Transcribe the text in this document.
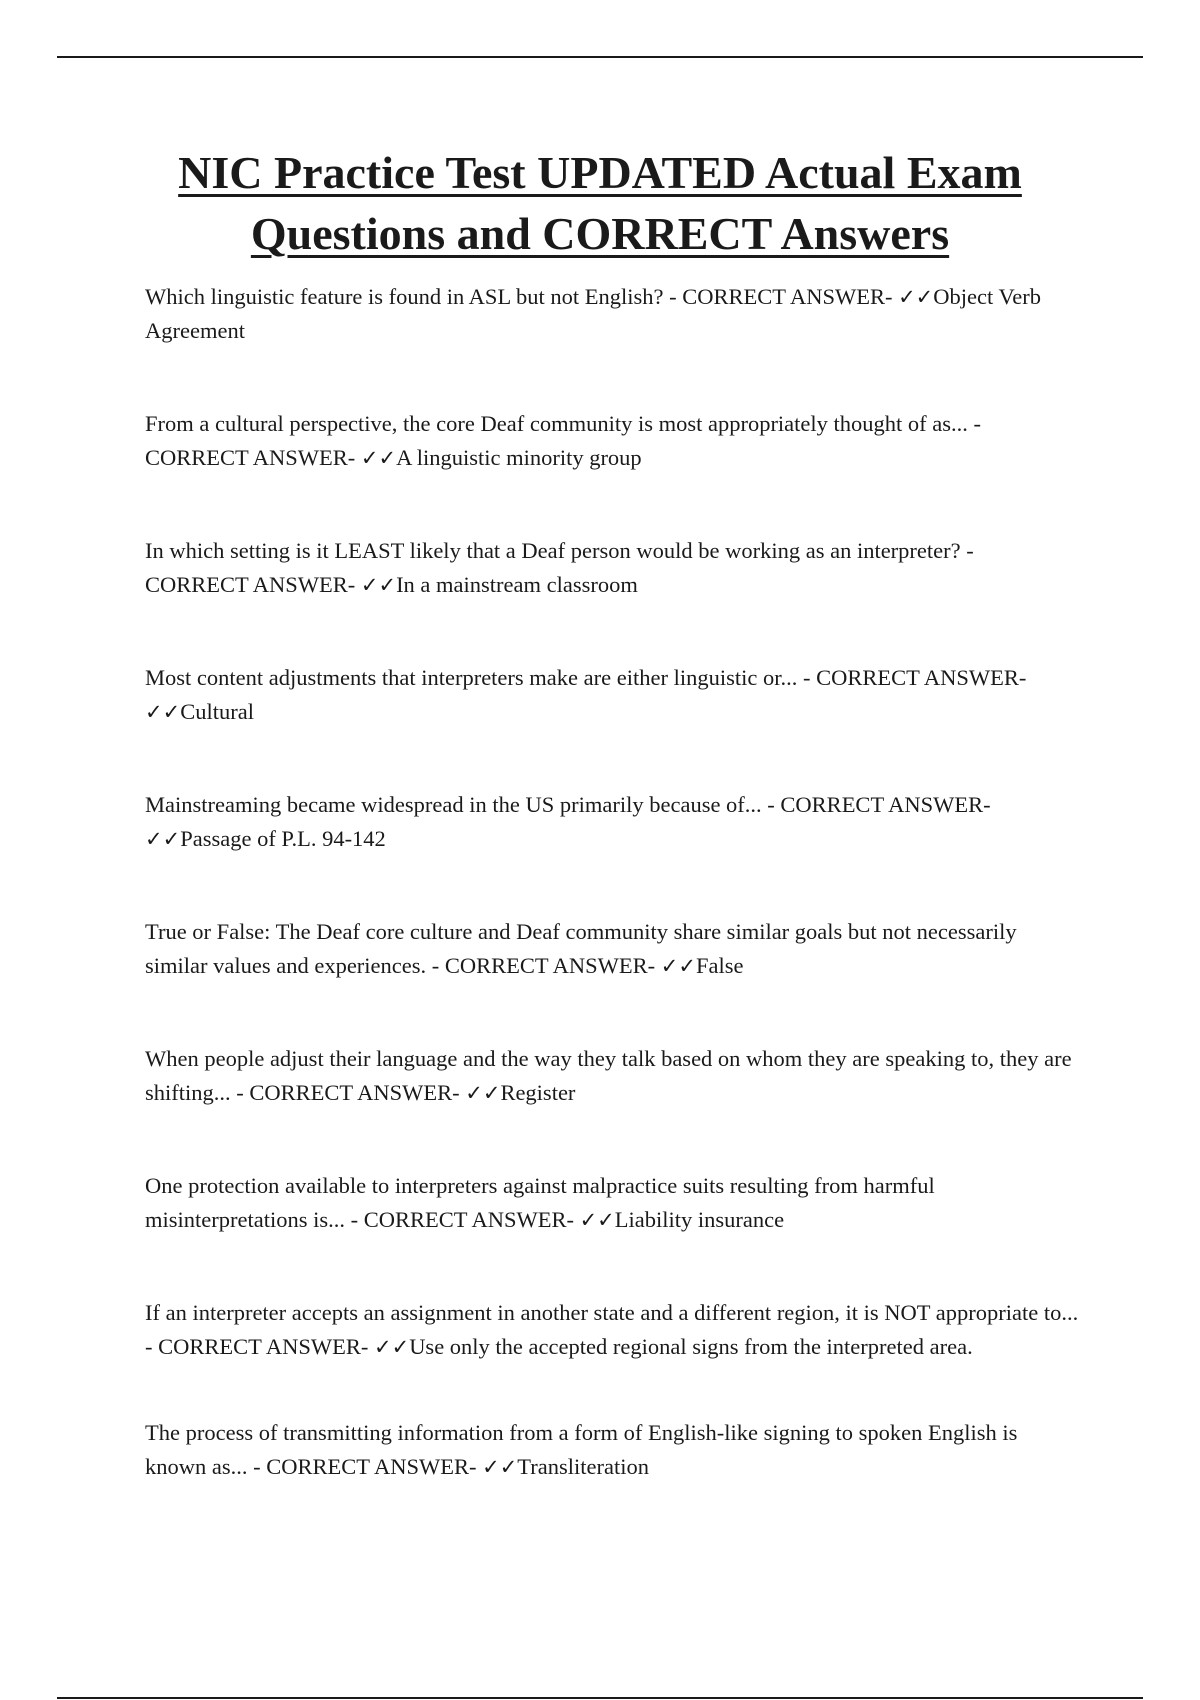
NIC Practice Test UPDATED Actual Exam Questions and CORRECT Answers
Which linguistic feature is found in ASL but not English? - CORRECT ANSWER- ✓✓Object Verb Agreement
From a cultural perspective, the core Deaf community is most appropriately thought of as... - CORRECT ANSWER- ✓✓A linguistic minority group
In which setting is it LEAST likely that a Deaf person would be working as an interpreter? - CORRECT ANSWER- ✓✓In a mainstream classroom
Most content adjustments that interpreters make are either linguistic or... - CORRECT ANSWER- ✓✓Cultural
Mainstreaming became widespread in the US primarily because of... - CORRECT ANSWER- ✓✓Passage of P.L. 94-142
True or False: The Deaf core culture and Deaf community share similar goals but not necessarily similar values and experiences. - CORRECT ANSWER- ✓✓False
When people adjust their language and the way they talk based on whom they are speaking to, they are shifting... - CORRECT ANSWER- ✓✓Register
One protection available to interpreters against malpractice suits resulting from harmful misinterpretations is... - CORRECT ANSWER- ✓✓Liability insurance
If an interpreter accepts an assignment in another state and a different region, it is NOT appropriate to... - CORRECT ANSWER- ✓✓Use only the accepted regional signs from the interpreted area.
The process of transmitting information from a form of English-like signing to spoken English is known as... - CORRECT ANSWER- ✓✓Transliteration
